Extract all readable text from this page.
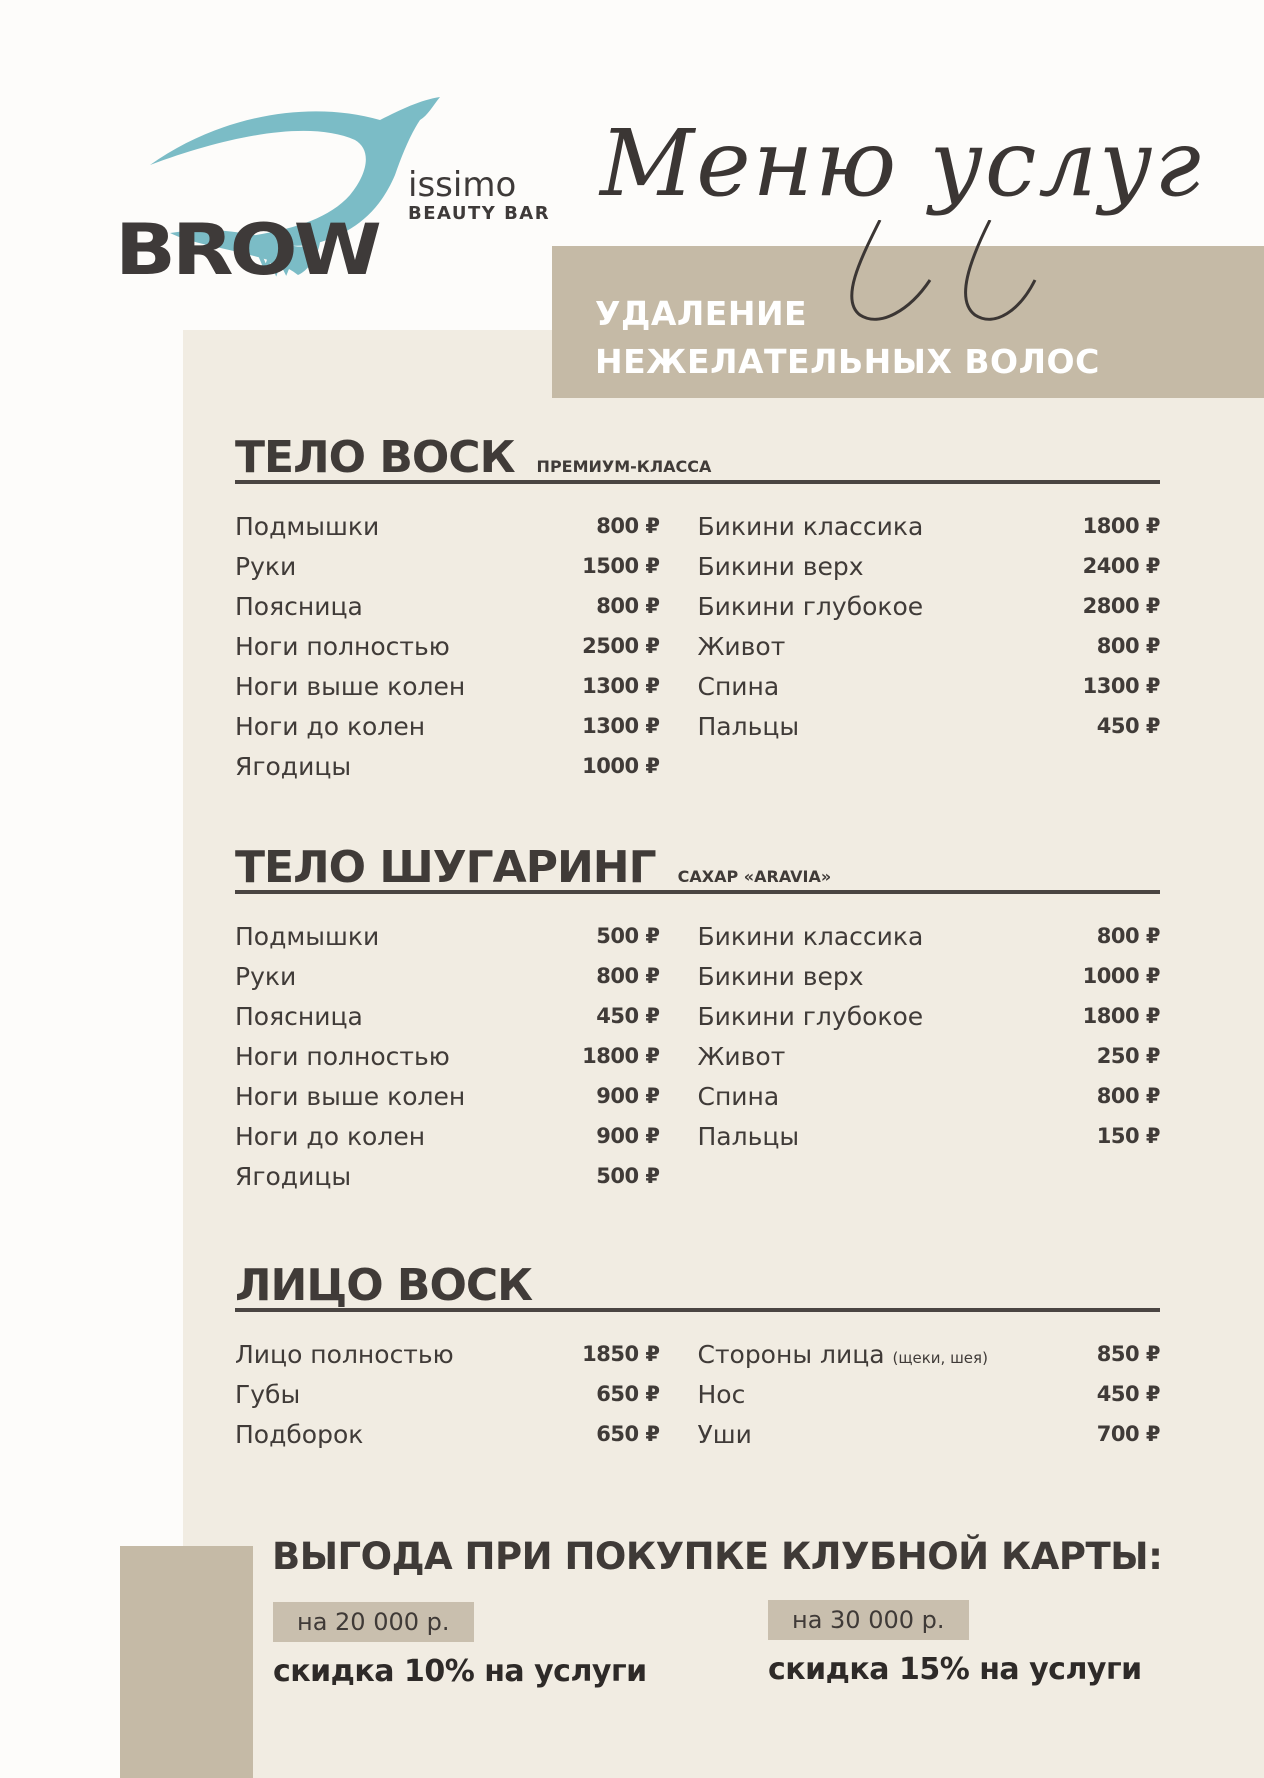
BROW
issimo
BEAUTY BAR Меню услуг
УДАЛЕНИЕ
НЕЖЕЛАТЕЛЬНЫХ ВОЛОС
ТЕЛО ВОСК ПРЕМИУМ-КЛАССА
Подмышки	800 ₽
Руки	1500 ₽
Поясница	800 ₽
Ноги полностью	2500 ₽
Ноги выше колен	1300 ₽
Ноги до колен	1300 ₽
Ягодицы	1000 ₽
Бикини классика	1800 ₽
Бикини верх	2400 ₽
Бикини глубокое	2800 ₽
Живот	800 ₽
Спина	1300 ₽
Пальцы	450 ₽
ТЕЛО ШУГАРИНГ САХАР «ARAVIA»
Подмышки	500 ₽
Руки	800 ₽
Поясница	450 ₽
Ноги полностью	1800 ₽
Ноги выше колен	900 ₽
Ноги до колен	900 ₽
Ягодицы	500 ₽
Бикини классика	800 ₽
Бикини верх	1000 ₽
Бикини глубокое	1800 ₽
Живот	250 ₽
Спина	800 ₽
Пальцы	150 ₽
ЛИЦО ВОСК
Лицо полностью	1850 ₽
Губы	650 ₽
Подборок	650 ₽
Стороны лица (щеки, шея)	850 ₽
Нос	450 ₽
Уши	700 ₽
ВЫГОДА ПРИ ПОКУПКЕ КЛУБНОЙ КАРТЫ:
на 20 000 р.
скидка 10% на услуги
на 30 000 р.
скидка 15% на услуги
